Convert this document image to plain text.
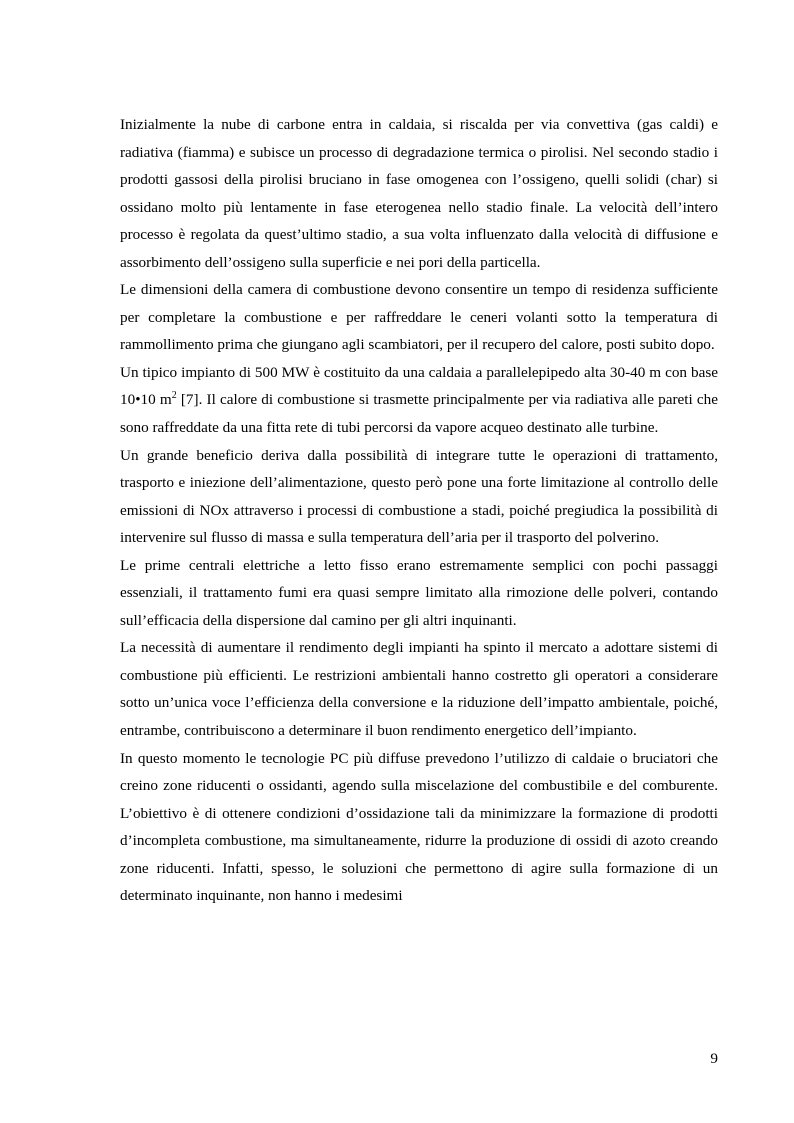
Inizialmente la nube di carbone entra in caldaia, si riscalda per via convettiva (gas caldi) e radiativa (fiamma) e subisce un processo di degradazione termica o pirolisi. Nel secondo stadio i prodotti gassosi della pirolisi bruciano in fase omogenea con l’ossigeno, quelli solidi (char) si ossidano molto più lentamente in fase eterogenea nello stadio finale. La velocità dell’intero processo è regolata da quest’ultimo stadio, a sua volta influenzato dalla velocità di diffusione e assorbimento dell’ossigeno sulla superficie e nei pori della particella.

Le dimensioni della camera di combustione devono consentire un tempo di residenza sufficiente per completare la combustione e per raffreddare le ceneri volanti sotto la temperatura di rammollimento prima che giungano agli scambiatori, per il recupero del calore, posti subito dopo.

Un tipico impianto di 500 MW è costituito da una caldaia a parallelepipedo alta 30-40 m con base 10•10 $m^2$ [7]. Il calore di combustione si trasmette principalmente per via radiativa alle pareti che sono raffreddate da una fitta rete di tubi percorsi da vapore acqueo destinato alle turbine.

Un grande beneficio deriva dalla possibilità di integrare tutte le operazioni di trattamento, trasporto e iniezione dell’alimentazione, questo però pone una forte limitazione al controllo delle emissioni di NOx attraverso i processi di combustione a stadi, poiché pregiudica la possibilità di intervenire sul flusso di massa e sulla temperatura dell’aria per il trasporto del polverino.

Le prime centrali elettriche a letto fisso erano estremamente semplici con pochi passaggi essenziali, il trattamento fumi era quasi sempre limitato alla rimozione delle polveri, contando sull’efficacia della dispersione dal camino per gli altri inquinanti.

La necessità di aumentare il rendimento degli impianti ha spinto il mercato a adottare sistemi di combustione più efficienti. Le restrizioni ambientali hanno costretto gli operatori a considerare sotto un’unica voce l’efficienza della conversione e la riduzione dell’impatto ambientale, poiché, entrambe, contribuiscono a determinare il buon rendimento energetico dell’impianto.

In questo momento le tecnologie PC più diffuse prevedono l’utilizzo di caldaie o bruciatori che creino zone riducenti o ossidanti, agendo sulla miscelazione del combustibile e del comburente. L’obiettivo è di ottenere condizioni d’ossidazione tali da minimizzare la formazione di prodotti d’incompleta combustione, ma simultaneamente, ridurre la produzione di ossidi di azoto creando zone riducenti. Infatti, spesso, le soluzioni che permettono di agire sulla formazione di un determinato inquinante, non hanno i medesimi

9
